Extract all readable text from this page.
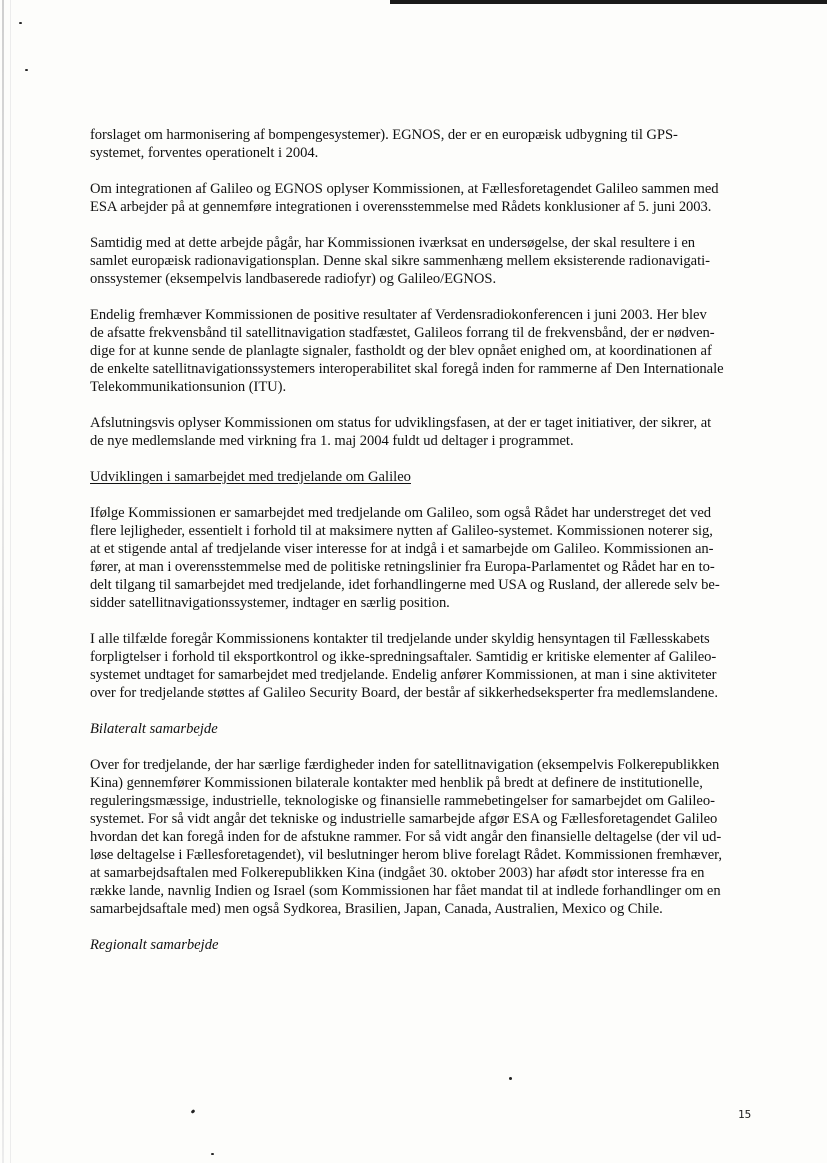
forslaget om harmonisering af bompengesystemer). EGNOS, der er en europæisk udbygning til GPS-
systemet, forventes operationelt i 2004.

Om integrationen af Galileo og EGNOS oplyser Kommissionen, at Fællesforetagendet Galileo sammen med
ESA arbejder på at gennemføre integrationen i overensstemmelse med Rådets konklusioner af 5. juni 2003.

Samtidig med at dette arbejde pågår, har Kommissionen iværksat en undersøgelse, der skal resultere i en
samlet europæisk radionavigationsplan. Denne skal sikre sammenhæng mellem eksisterende radionavigati-
onssystemer (eksempelvis landbaserede radiofyr) og Galileo/EGNOS.

Endelig fremhæver Kommissionen de positive resultater af Verdensradiokonferencen i juni 2003. Her blev
de afsatte frekvensbånd til satellitnavigation stadfæstet, Galileos forrang til de frekvensbånd, der er nødven-
dige for at kunne sende de planlagte signaler, fastholdt og der blev opnået enighed om, at koordinationen af
de enkelte satellitnavigationssystemers interoperabilitet skal foregå inden for rammerne af Den Internationale
Telekommunikationsunion (ITU).

Afslutningsvis oplyser Kommissionen om status for udviklingsfasen, at der er taget initiativer, der sikrer, at
de nye medlemslande med virkning fra 1. maj 2004 fuldt ud deltager i programmet.

Udviklingen i samarbejdet med tredjelande om Galileo

Ifølge Kommissionen er samarbejdet med tredjelande om Galileo, som også Rådet har understreget det ved
flere lejligheder, essentielt i forhold til at maksimere nytten af Galileo-systemet. Kommissionen noterer sig,
at et stigende antal af tredjelande viser interesse for at indgå i et samarbejde om Galileo. Kommissionen an-
fører, at man i overensstemmelse med de politiske retningslinier fra Europa-Parlamentet og Rådet har en to-
delt tilgang til samarbejdet med tredjelande, idet forhandlingerne med USA og Rusland, der allerede selv be-
sidder satellitnavigationssystemer, indtager en særlig position.

I alle tilfælde foregår Kommissionens kontakter til tredjelande under skyldig hensyntagen til Fællesskabets
forpligtelser i forhold til eksportkontrol og ikke-spredningsaftaler. Samtidig er kritiske elementer af Galileo-
systemet undtaget for samarbejdet med tredjelande. Endelig anfører Kommissionen, at man i sine aktiviteter
over for tredjelande støttes af Galileo Security Board, der består af sikkerhedseksperter fra medlemslandene.

Bilateralt samarbejde

Over for tredjelande, der har særlige færdigheder inden for satellitnavigation (eksempelvis Folkerepublikken
Kina) gennemfører Kommissionen bilaterale kontakter med henblik på bredt at definere de institutionelle,
reguleringsmæssige, industrielle, teknologiske og finansielle rammebetingelser for samarbejdet om Galileo-
systemet. For så vidt angår det tekniske og industrielle samarbejde afgør ESA og Fællesforetagendet Galileo
hvordan det kan foregå inden for de afstukne rammer. For så vidt angår den finansielle deltagelse (der vil ud-
løse deltagelse i Fællesforetagendet), vil beslutninger herom blive forelagt Rådet. Kommissionen fremhæver,
at samarbejdsaftalen med Folkerepublikken Kina (indgået 30. oktober 2003) har afødt stor interesse fra en
række lande, navnlig Indien og Israel (som Kommissionen har fået mandat til at indlede forhandlinger om en
samarbejdsaftale med) men også Sydkorea, Brasilien, Japan, Canada, Australien, Mexico og Chile.

Regionalt samarbejde
15
